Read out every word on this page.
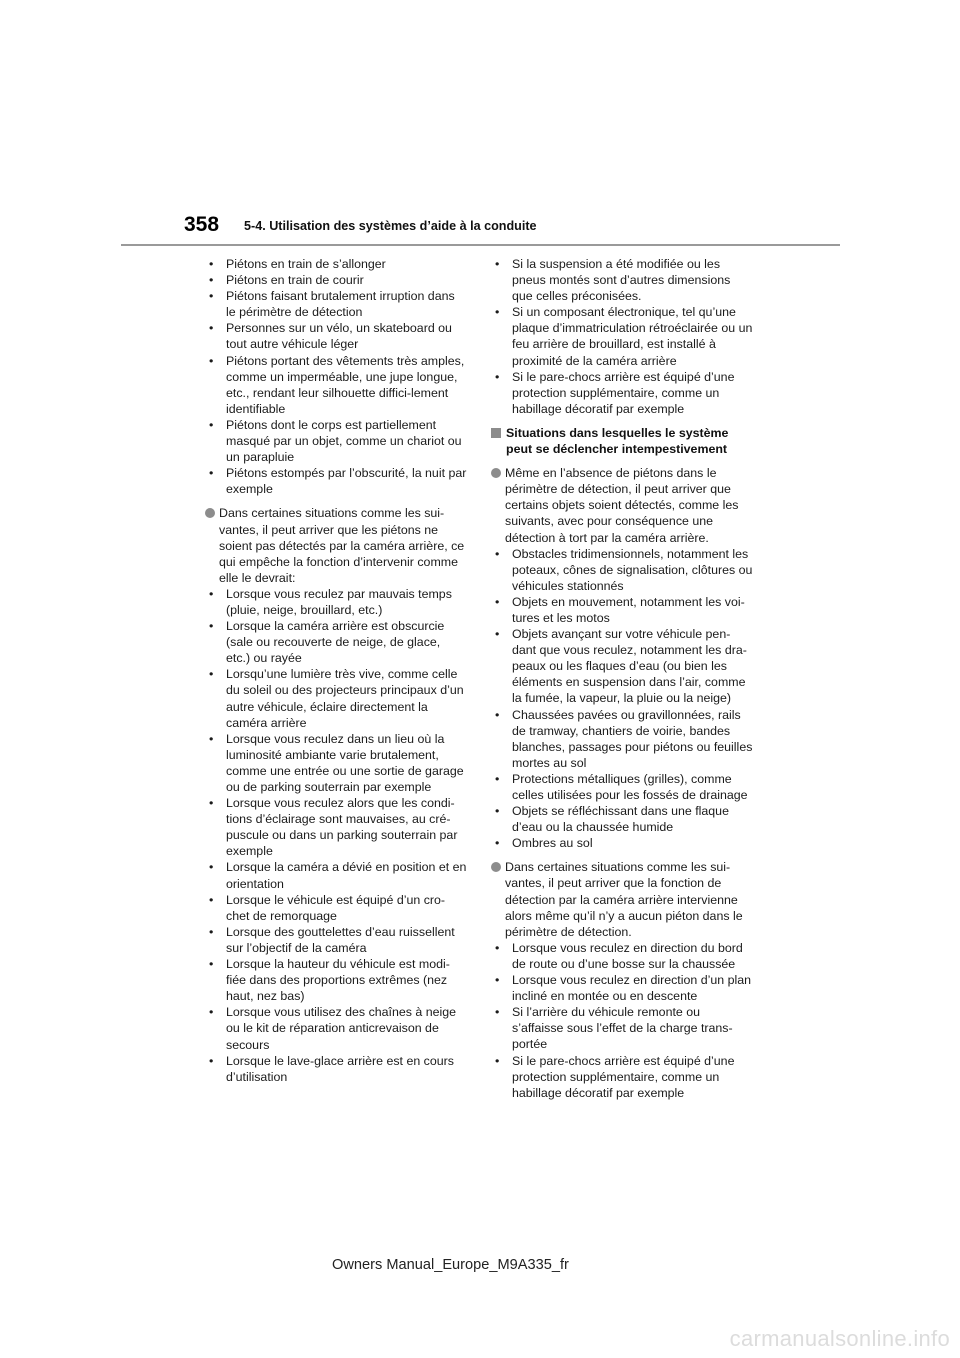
358 5-4. Utilisation des systèmes d’aide à la conduite
• Piétons en train de s’allonger
• Piétons en train de courir
• Piétons faisant brutalement irruption dans le périmètre de détection
• Personnes sur un vélo, un skateboard ou tout autre véhicule léger
• Piétons portant des vêtements très amples, comme un imperméable, une jupe longue, etc., rendant leur silhouette diffici-lement identifiable
• Piétons dont le corps est partiellement masqué par un objet, comme un chariot ou un parapluie
• Piétons estompés par l’obscurité, la nuit par exemple
Dans certaines situations comme les sui-vantes, il peut arriver que les piétons ne soient pas détectés par la caméra arrière, ce qui empêche la fonction d’intervenir comme elle le devrait:
• Lorsque vous reculez par mauvais temps (pluie, neige, brouillard, etc.)
• Lorsque la caméra arrière est obscurcie (sale ou recouverte de neige, de glace, etc.) ou rayée
• Lorsqu’une lumière très vive, comme celle du soleil ou des projecteurs principaux d’un autre véhicule, éclaire directement la caméra arrière
• Lorsque vous reculez dans un lieu où la luminosité ambiante varie brutalement, comme une entrée ou une sortie de garage ou de parking souterrain par exemple
• Lorsque vous reculez alors que les condi-tions d’éclairage sont mauvaises, au cré-puscule ou dans un parking souterrain par exemple
• Lorsque la caméra a dévié en position et en orientation
• Lorsque le véhicule est équipé d’un cro-chet de remorquage
• Lorsque des gouttelettes d’eau ruissellent sur l’objectif de la caméra
• Lorsque la hauteur du véhicule est modi-fiée dans des proportions extrêmes (nez haut, nez bas)
• Lorsque vous utilisez des chaînes à neige ou le kit de réparation anticrevaison de secours
• Lorsque le lave-glace arrière est en cours d’utilisation
• Si la suspension a été modifiée ou les pneus montés sont d’autres dimensions que celles préconisées.
• Si un composant électronique, tel qu’une plaque d’immatriculation rétroéclairée ou un feu arrière de brouillard, est installé à proximité de la caméra arrière
• Si le pare-chocs arrière est équipé d’une protection supplémentaire, comme un habillage décoratif par exemple
Situations dans lesquelles le système peut se déclencher intempestivement
Même en l’absence de piétons dans le périmètre de détection, il peut arriver que certains objets soient détectés, comme les suivants, avec pour conséquence une détection à tort par la caméra arrière.
• Obstacles tridimensionnels, notamment les poteaux, cônes de signalisation, clôtures ou véhicules stationnés
• Objets en mouvement, notamment les voi-tures et les motos
• Objets avançant sur votre véhicule pen-dant que vous reculez, notamment les dra-peaux ou les flaques d’eau (ou bien les éléments en suspension dans l’air, comme la fumée, la vapeur, la pluie ou la neige)
• Chaussées pavées ou gravillonnées, rails de tramway, chantiers de voirie, bandes blanches, passages pour piétons ou feuilles mortes au sol
• Protections métalliques (grilles), comme celles utilisées pour les fossés de drainage
• Objets se réfléchissant dans une flaque d’eau ou la chaussée humide
• Ombres au sol
Dans certaines situations comme les sui-vantes, il peut arriver que la fonction de détection par la caméra arrière intervienne alors même qu’il n’y a aucun piéton dans le périmètre de détection.
• Lorsque vous reculez en direction du bord de route ou d’une bosse sur la chaussée
• Lorsque vous reculez en direction d’un plan incliné en montée ou en descente
• Si l’arrière du véhicule remonte ou s’affaisse sous l’effet de la charge trans-portée
• Si le pare-chocs arrière est équipé d’une protection supplémentaire, comme un habillage décoratif par exemple
Owners Manual_Europe_M9A335_fr
carmanualsonline.info
